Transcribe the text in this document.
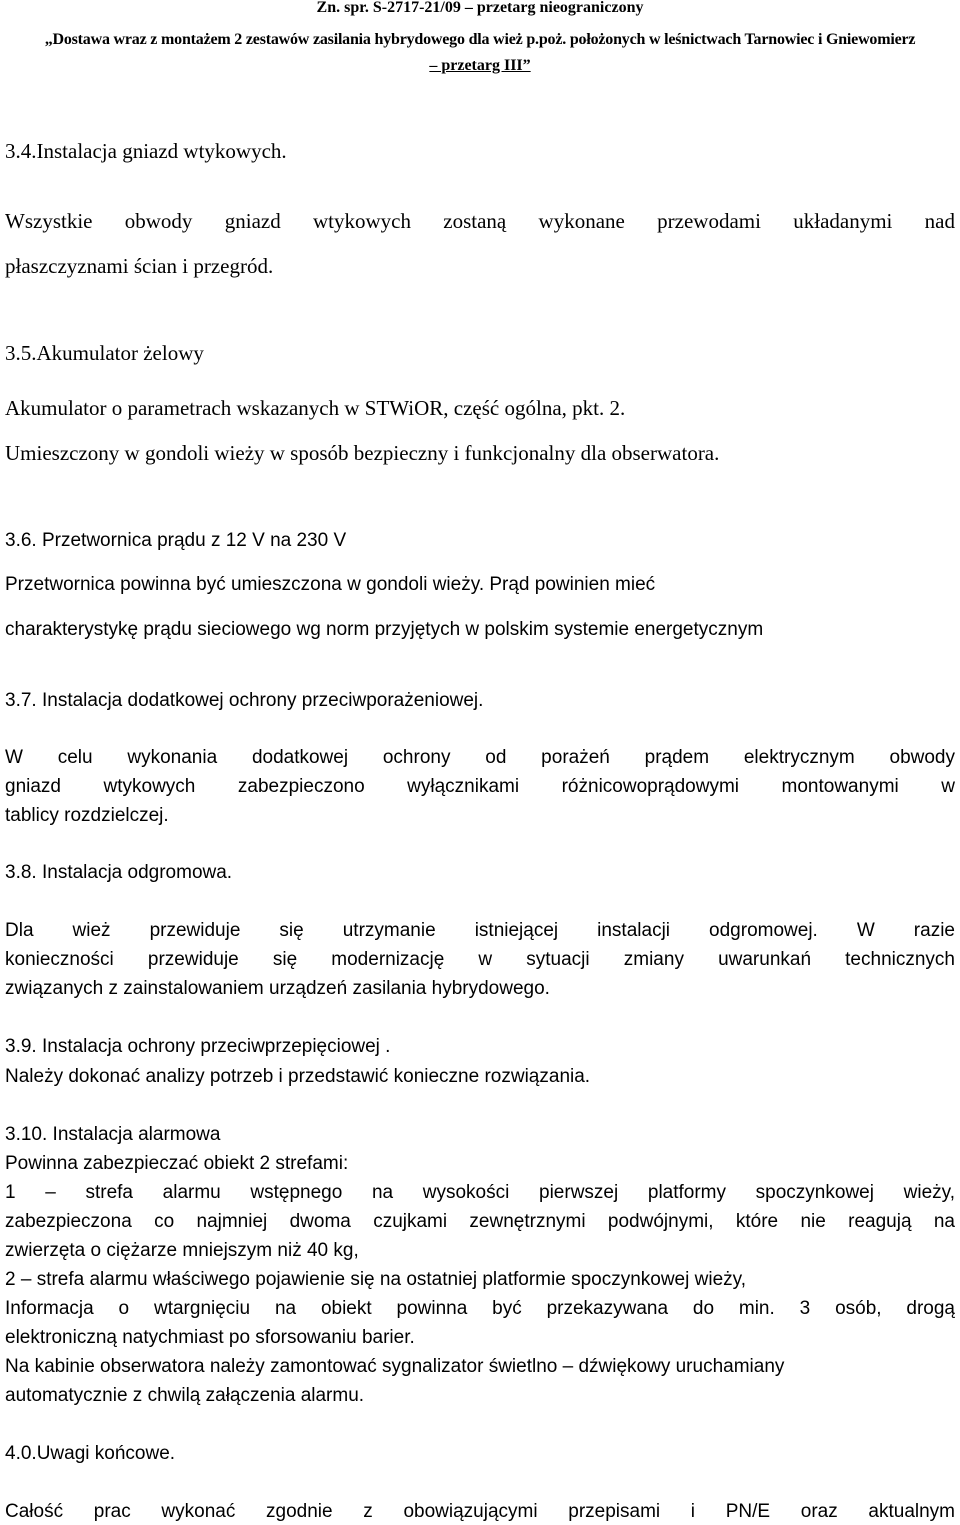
Zn. spr. S-2717-21/09 – przetarg nieograniczony
„Dostawa wraz z montażem 2 zestawów zasilania hybrydowego dla wież p.poż. położonych w leśnictwach Tarnowiec i Gniewomierz
– przetarg III”
3.4.Instalacja gniazd wtykowych.
Wszystkie obwody gniazd wtykowych zostaną wykonane przewodami układanymi nad
płaszczyznami ścian i przegród.
3.5.Akumulator żelowy
Akumulator o parametrach wskazanych w STWiOR, część ogólna, pkt. 2.
Umieszczony w gondoli wieży w sposób bezpieczny i funkcjonalny dla obserwatora.
3.6. Przetwornica prądu z 12 V na 230 V
Przetwornica powinna być umieszczona w gondoli wieży. Prąd powinien mieć
charakterystykę prądu sieciowego wg norm przyjętych w polskim systemie energetycznym
3.7. Instalacja dodatkowej ochrony przeciwporażeniowej.
W celu wykonania dodatkowej ochrony od porażeń prądem elektrycznym obwody
gniazd wtykowych zabezpieczono wyłącznikami różnicowoprądowymi montowanymi w
tablicy rozdzielczej.
3.8. Instalacja odgromowa.
Dla wież przewiduje się utrzymanie istniejącej instalacji odgromowej. W razie
konieczności przewiduje się modernizację w sytuacji zmiany uwarunkań technicznych
związanych z zainstalowaniem urządzeń zasilania hybrydowego.
3.9. Instalacja ochrony przeciwprzepięciowej .
Należy dokonać analizy potrzeb i przedstawić konieczne rozwiązania.
3.10. Instalacja alarmowa
Powinna zabezpieczać obiekt 2 strefami:
1 – strefa alarmu wstępnego na wysokości pierwszej platformy spoczynkowej wieży,
zabezpieczona co najmniej dwoma czujkami zewnętrznymi podwójnymi, które nie reagują na
zwierzęta o ciężarze mniejszym niż 40 kg,
2 – strefa alarmu właściwego pojawienie się na ostatniej platformie spoczynkowej wieży,
Informacja o wtargnięciu na obiekt powinna być przekazywana do min. 3 osób, drogą
elektroniczną natychmiast po sforsowaniu barier.
Na kabinie obserwatora należy zamontować sygnalizator świetlno – dźwiękowy uruchamiany
automatycznie z chwilą załączenia alarmu.
4.0.Uwagi końcowe.
Całość prac wykonać zgodnie z obowiązującymi przepisami i PN/E oraz aktualnym
